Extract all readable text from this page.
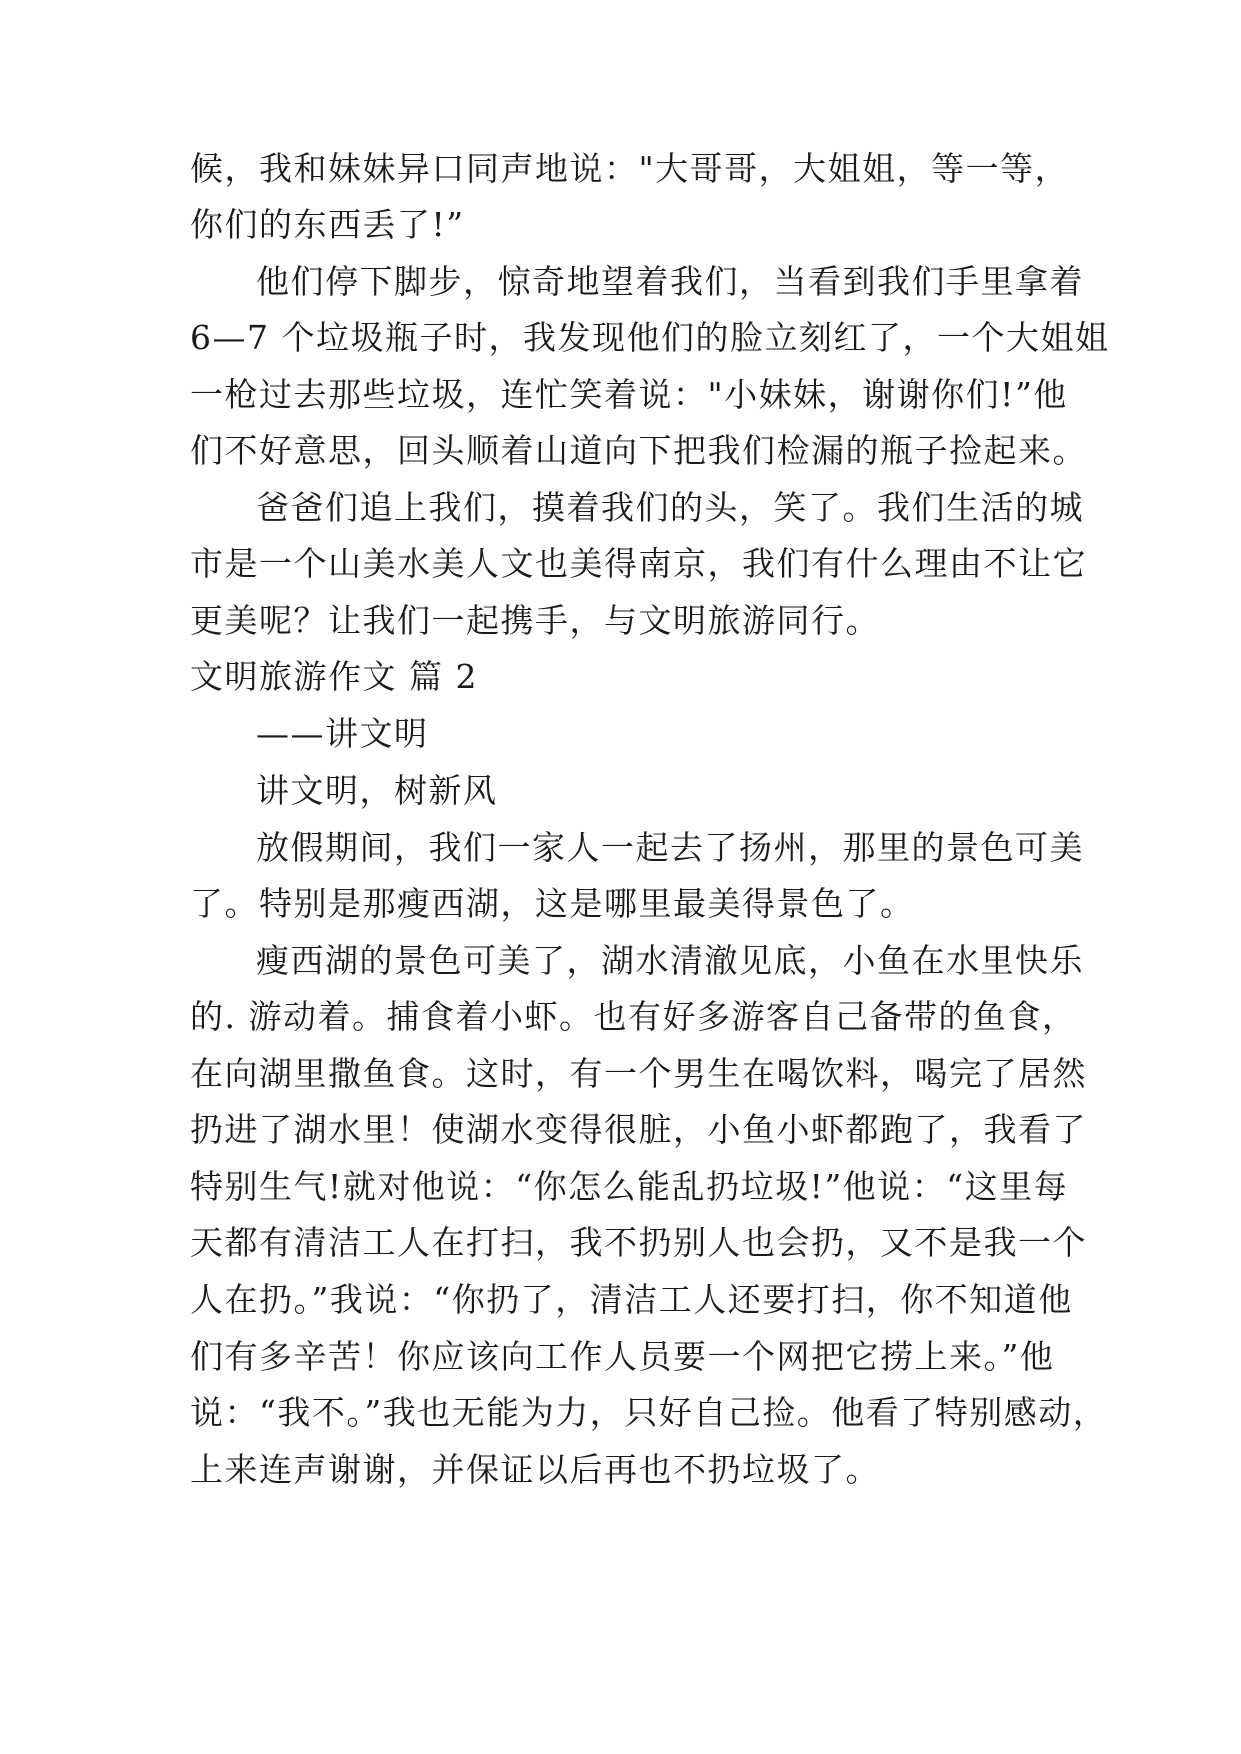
候，我和妹妹异口同声地说："大哥哥，大姐姐，等一等，
你们的东西丢了!”
他们停下脚步，惊奇地望着我们，当看到我们手里拿着
6—7 个垃圾瓶子时，我发现他们的脸立刻红了，一个大姐姐
一枪过去那些垃圾，连忙笑着说："小妹妹，谢谢你们!”他
们不好意思，回头顺着山道向下把我们检漏的瓶子捡起来。
爸爸们追上我们，摸着我们的头，笑了。我们生活的城
市是一个山美水美人文也美得南京，我们有什么理由不让它
更美呢？让我们一起携手，与文明旅游同行。
文明旅游作文 篇 2
——讲文明
讲文明，树新风
放假期间，我们一家人一起去了扬州，那里的景色可美
了。特别是那瘦西湖，这是哪里最美得景色了。
瘦西湖的景色可美了，湖水清澈见底，小鱼在水里快乐
的. 游动着。捕食着小虾。也有好多游客自己备带的鱼食，
在向湖里撒鱼食。这时，有一个男生在喝饮料，喝完了居然
扔进了湖水里！使湖水变得很脏，小鱼小虾都跑了，我看了
特别生气!就对他说：“你怎么能乱扔垃圾!”他说：“这里每
天都有清洁工人在打扫，我不扔别人也会扔，又不是我一个
人在扔。”我说：“你扔了，清洁工人还要打扫，你不知道他
们有多辛苦！你应该向工作人员要一个网把它捞上来。”他
说：“我不。”我也无能为力，只好自己捡。他看了特别感动，
上来连声谢谢，并保证以后再也不扔垃圾了。
